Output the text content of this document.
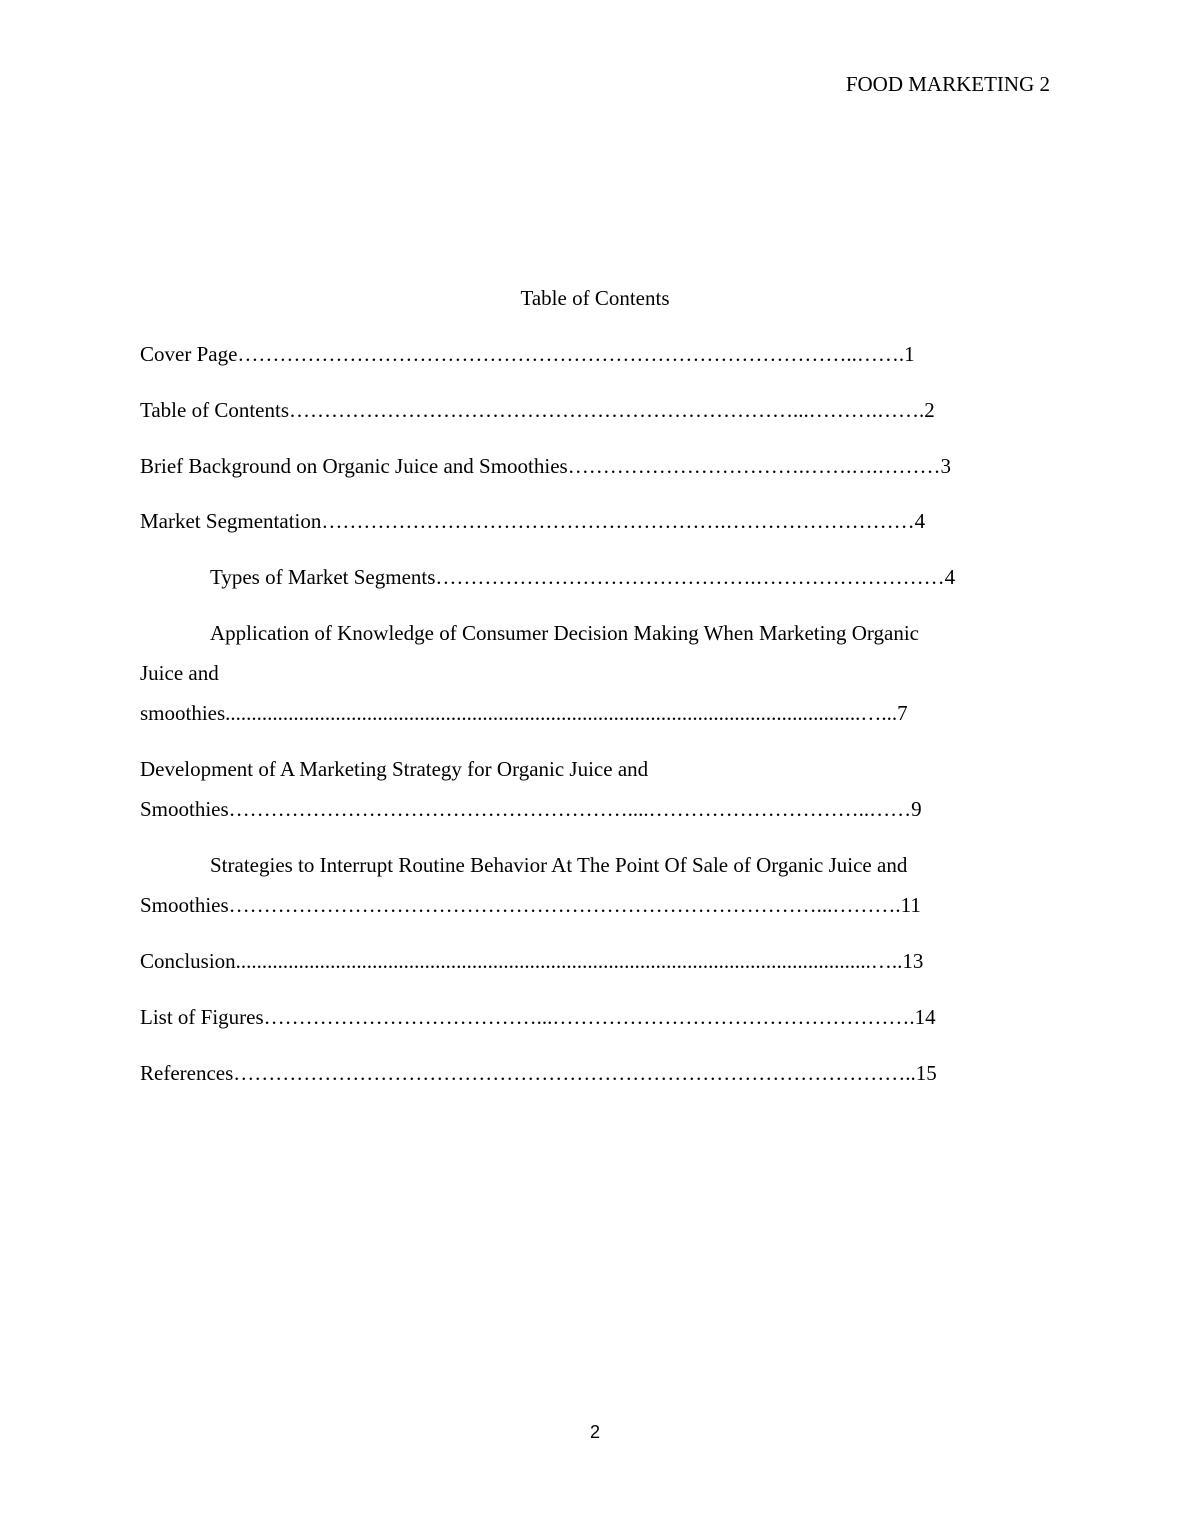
FOOD MARKETING 2
Table of Contents
Cover Page……………………………………………………………………………..…….1
Table of Contents………………………………………………………………...……….…….2
Brief Background on Organic Juice and Smoothies…………………………….…….….………3
Market Segmentation………………………………………………….………………………4
Types of Market Segments……………………………………….………………………4
Application of Knowledge of Consumer Decision Making When Marketing Organic
Juice and
smoothies.........................................................................................................................…...7
Development of A Marketing Strategy for Organic Juice and
Smoothies…………………………………………………....…………………………..……9
Strategies to Interrupt Routine Behavior At The Point Of Sale of Organic Juice and
Smoothies…………………………………………………………………………...……….11
Conclusion.........................................................................................................................…..13
List of Figures…………………………………...…………………………………………….14
References……………………………………………………………………………………..15
2
